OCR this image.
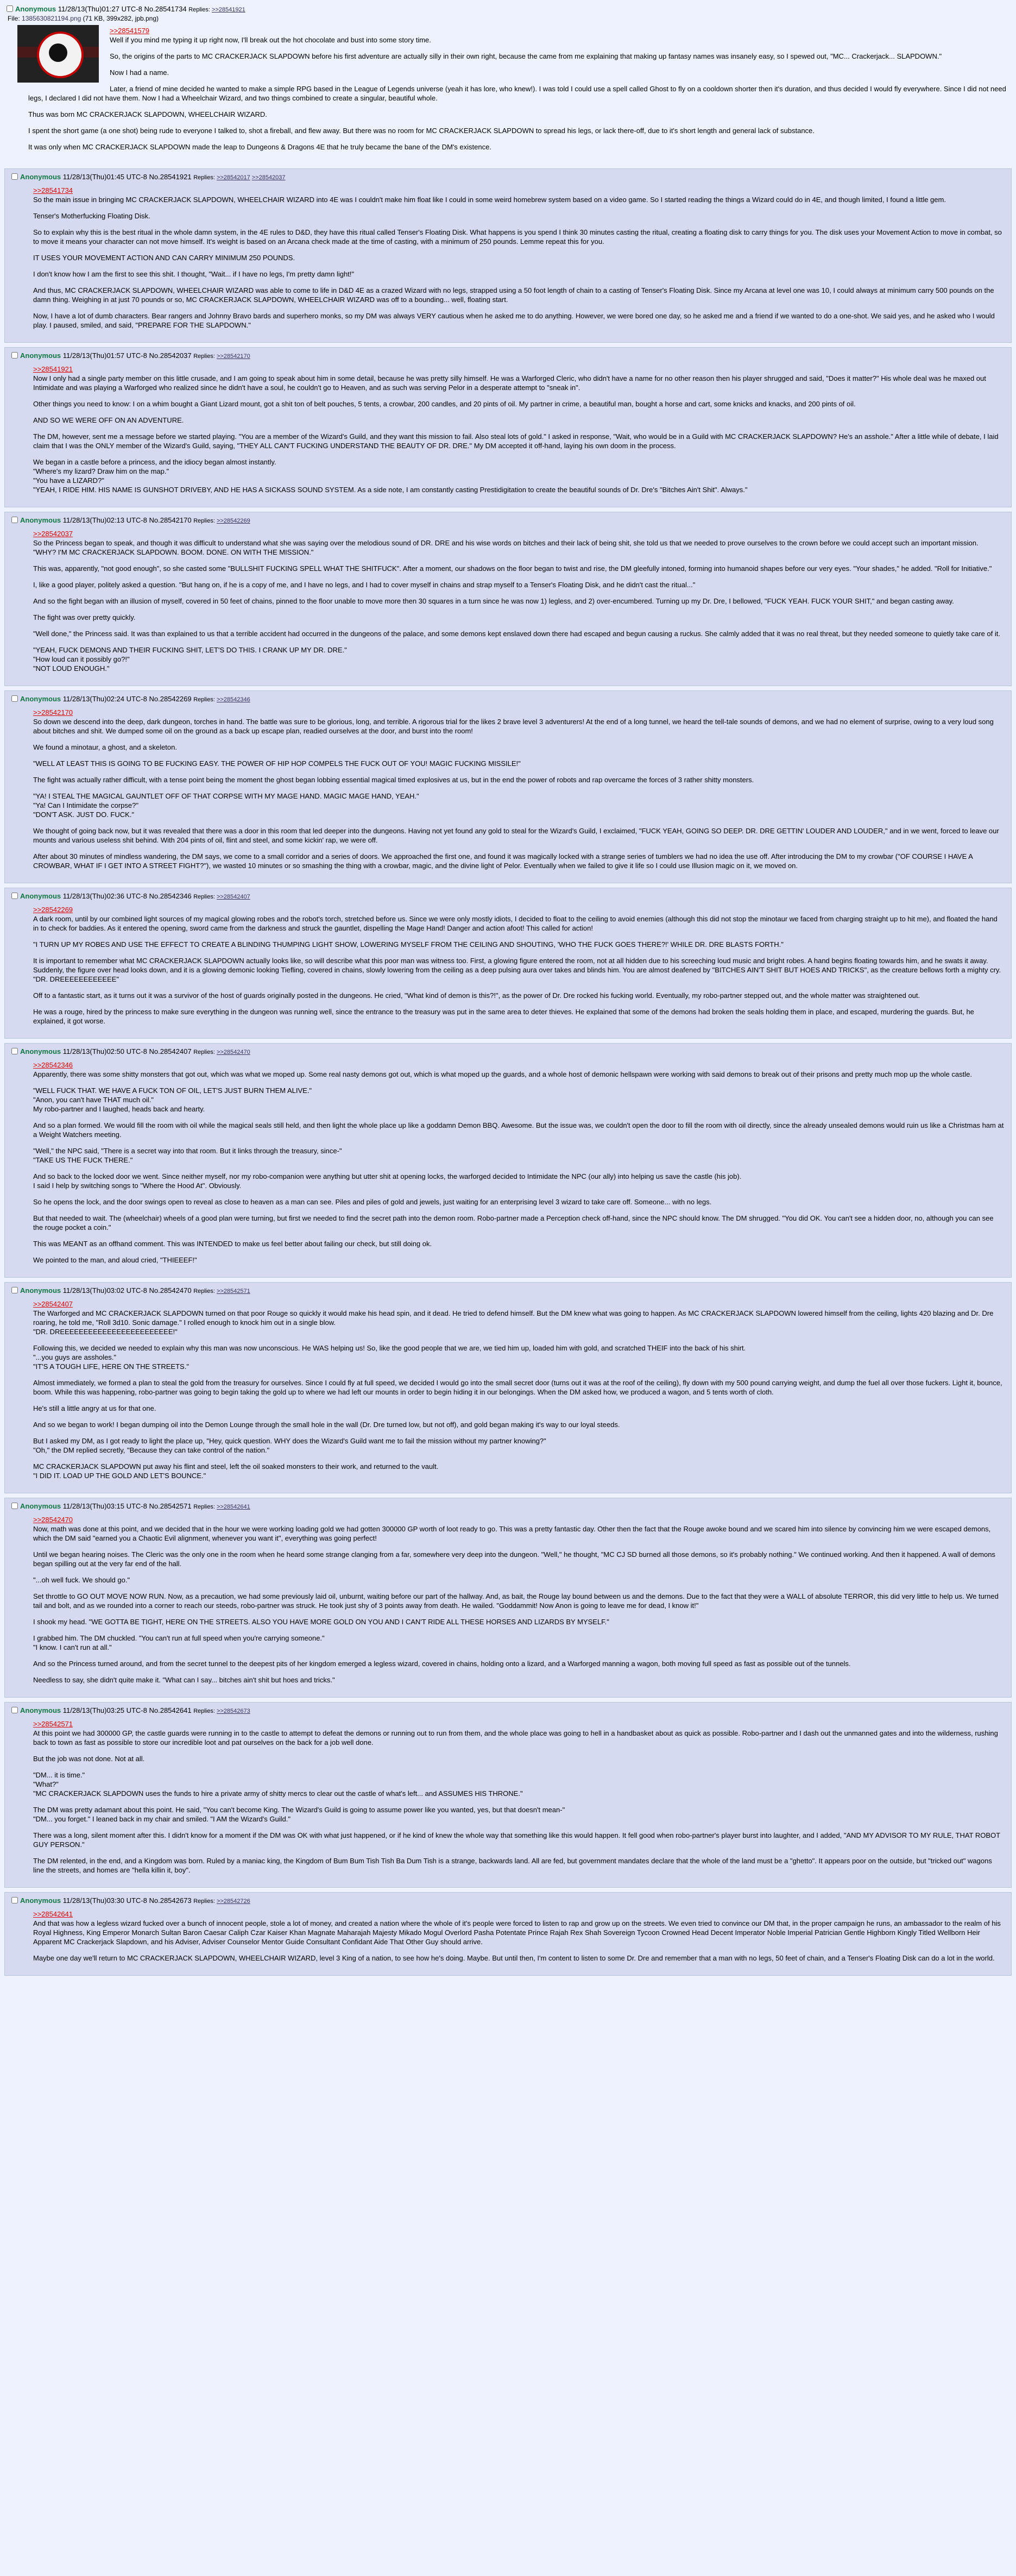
Anonymous 11/28/13(Thu)01:27 UTC-8 No.28541734 Replies: >>28541921
File: 1385630821194.png (71 KB, 399x282, jpb.png)

>>28541579

Well if you mind me typing it up right now, I'll break out the hot chocolate and bust into some story time.

So, the origins of the parts to MC CRACKERJACK SLAPDOWN before his first adventure are actually silly in their own right, because the came from me explaining that making up fantasy names was insanely easy, so I spewed out, "MC... Crackerjack... SLAPDOWN."

Now I had a name.

Later, a friend of mine decided he wanted to make a simple RPG based in the League of Legends universe (yeah it has lore, who knew!). I was told I could use a spell called Ghost to fly on a cooldown shorter then it's duration, and thus decided I would fly everywhere. Since I did not need legs, I declared I did not have them. Now I had a Wheelchair Wizard, and two things combined to create a singular, beautiful whole.

Thus was born MC CRACKERJACK SLAPDOWN, WHEELCHAIR WIZARD.

I spent the short game (a one shot) being rude to everyone I talked to, shot a fireball, and flew away. But there was no room for MC CRACKERJACK SLAPDOWN to spread his legs, or lack there-off, due to it's short length and general lack of substance.

It was only when MC CRACKERJACK SLAPDOWN made the leap to Dungeons & Dragons 4E that he truly became the bane of the DM's existence.

Anonymous 11/28/13(Thu)01:45 UTC-8 No.28541921 Replies: >>28542017 >>28542037

>>28541734

So the main issue in bringing MC CRACKERJACK SLAPDOWN, WHEELCHAIR WIZARD into 4E was I couldn't make him float like I could in some weird homebrew system based on a video game. So I started reading the things a Wizard could do in 4E, and though limited, I found a little gem.

Tenser's Motherfucking Floating Disk.

So to explain why this is the best ritual in the whole damn system, in the 4E rules to D&D, they have this ritual called Tenser's Floating Disk. What happens is you spend I think 30 minutes casting the ritual, creating a floating disk to carry things for you. The disk uses your Movement Action to move in combat, so to move it means your character can not move himself. It's weight is based on an Arcana check made at the time of casting, with a minimum of 250 pounds. Lemme repeat this for you.

IT USES YOUR MOVEMENT ACTION AND CAN CARRY MINIMUM 250 POUNDS.

I don't know how I am the first to see this shit. I thought, "Wait... if I have no legs, I'm pretty damn light!"

And thus, MC CRACKERJACK SLAPDOWN, WHEELCHAIR WIZARD was able to come to life in D&D 4E as a crazed Wizard with no legs, strapped using a 50 foot length of chain to a casting of Tenser's Floating Disk. Since my Arcana at level one was 10, I could always at minimum carry 500 pounds on the damn thing. Weighing in at just 70 pounds or so, MC CRACKERJACK SLAPDOWN, WHEELCHAIR WIZARD was off to a bounding... well, floating start.

Now, I have a lot of dumb characters. Bear rangers and Johnny Bravo bards and superhero monks, so my DM was always VERY cautious when he asked me to do anything. However, we were bored one day, so he asked me and a friend if we wanted to do a one-shot. We said yes, and he asked who I would play. I paused, smiled, and said, "PREPARE FOR THE SLAPDOWN."

Anonymous 11/28/13(Thu)01:57 UTC-8 No.28542037 Replies: >>28542170

>>28541921

Now I only had a single party member on this little crusade, and I am going to speak about him in some detail, because he was pretty silly himself. He was a Warforged Cleric, who didn't have a name for no other reason then his player shrugged and said, "Does it matter?" His whole deal was he maxed out Intimidate and was playing a Warforged who realized since he didn't have a soul, he couldn't go to Heaven, and as such was serving Pelor in a desperate attempt to "sneak in".

Other things you need to know: I on a whim bought a Giant Lizard mount, got a shit ton of belt pouches, 5 tents, a crowbar, 200 candles, and 20 pints of oil. My partner in crime, a beautiful man, bought a horse and cart, some knicks and knacks, and 200 pints of oil.

AND SO WE WERE OFF ON AN ADVENTURE.

The DM, however, sent me a message before we started playing. "You are a member of the Wizard's Guild, and they want this mission to fail. Also steal lots of gold." I asked in response, "Wait, who would be in a Guild with MC CRACKERJACK SLAPDOWN? He's an asshole." After a little while of debate, I laid claim that I was the ONLY member of the Wizard's Guild, saying, "THEY ALL CAN'T FUCKING UNDERSTAND THE BEAUTY OF DR. DRE." My DM accepted it off-hand, laying his own doom in the process.

We began in a castle before a princess, and the idiocy began almost instantly.
"Where's my lizard? Draw him on the map."
"You have a LIZARD?"
"YEAH, I RIDE HIM. HIS NAME IS GUNSHOT DRIVEBY, AND HE HAS A SICKASS SOUND SYSTEM. As a side note, I am constantly casting Prestidigitation to create the beautiful sounds of Dr. Dre's "Bitches Ain't Shit". Always."

Anonymous 11/28/13(Thu)02:13 UTC-8 No.28542170 Replies: >>28542269

>>28542037

So the Princess began to speak, and though it was difficult to understand what she was saying over the melodious sound of DR. DRE and his wise words on bitches and their lack of being shit, she told us that we needed to prove ourselves to the crown before we could accept such an important mission.
"WHY? I'M MC CRACKERJACK SLAPDOWN. BOOM. DONE. ON WITH THE MISSION."

This was, apparently, "not good enough", so she casted some "BULLSHIT FUCKING SPELL WHAT THE SHITFUCK". After a moment, our shadows on the floor began to twist and rise, the DM gleefully intoned, forming into humanoid shapes before our very eyes. "Your shades," he added. "Roll for Initiative."

I, like a good player, politely asked a question. "But hang on, if he is a copy of me, and I have no legs, and I had to cover myself in chains and strap myself to a Tenser's Floating Disk, and he didn't cast the ritual..."

And so the fight began with an illusion of myself, covered in 50 feet of chains, pinned to the floor unable to move more then 30 squares in a turn since he was now 1) legless, and 2) over-encumbered. Turning up my Dr. Dre, I bellowed, "FUCK YEAH. FUCK YOUR SHIT," and began casting away.

The fight was over pretty quickly.

"Well done," the Princess said. It was than explained to us that a terrible accident had occurred in the dungeons of the palace, and some demons kept enslaved down there had escaped and begun causing a ruckus. She calmly added that it was no real threat, but they needed someone to quietly take care of it.

"YEAH, FUCK DEMONS AND THEIR FUCKING SHIT, LET'S DO THIS. I CRANK UP MY DR. DRE."
"How loud can it possibly go?!"
"NOT LOUD ENOUGH."

Anonymous 11/28/13(Thu)02:24 UTC-8 No.28542269 Replies: >>28542346

>>28542170

So down we descend into the deep, dark dungeon, torches in hand. The battle was sure to be glorious, long, and terrible. A rigorous trial for the likes 2 brave level 3 adventurers! At the end of a long tunnel, we heard the tell-tale sounds of demons, and we had no element of surprise, owing to a very loud song about bitches and shit. We dumped some oil on the ground as a back up escape plan, readied ourselves at the door, and burst into the room!

We found a minotaur, a ghost, and a skeleton.

"WELL AT LEAST THIS IS GOING TO BE FUCKING EASY. THE POWER OF HIP HOP COMPELS THE FUCK OUT OF YOU! MAGIC FUCKING MISSILE!"

The fight was actually rather difficult, with a tense point being the moment the ghost began lobbing essential magical timed explosives at us, but in the end the power of robots and rap overcame the forces of 3 rather shitty monsters.

"YA! I STEAL THE MAGICAL GAUNTLET OFF OF THAT CORPSE WITH MY MAGE HAND. MAGIC MAGE HAND, YEAH."
"Ya! Can I Intimidate the corpse?"
"DON'T ASK. JUST DO. FUCK."

We thought of going back now, but it was revealed that there was a door in this room that led deeper into the dungeons. Having not yet found any gold to steal for the Wizard's Guild, I exclaimed, "FUCK YEAH, GOING SO DEEP. DR. DRE GETTIN' LOUDER AND LOUDER," and in we went, forced to leave our mounts and various useless shit behind. With 204 pints of oil, flint and steel, and some kickin' rap, we were off.

After about 30 minutes of mindless wandering, the DM says, we come to a small corridor and a series of doors. We approached the first one, and found it was magically locked with a strange series of tumblers we had no idea the use off. After introducing the DM to my crowbar ("OF COURSE I HAVE A CROWBAR, WHAT IF I GET INTO A STREET FIGHT?"), we wasted 10 minutes or so smashing the thing with a crowbar, magic, and the divine light of Pelor. Eventually when we failed to give it life so I could use Illusion magic on it, we moved on.

Anonymous 11/28/13(Thu)02:36 UTC-8 No.28542346 Replies: >>28542407

>>28542269

A dark room, until by our combined light sources of my magical glowing robes and the robot's torch, stretched before us. Since we were only mostly idiots, I decided to float to the ceiling to avoid enemies (although this did not stop the minotaur we faced from charging straight up to hit me), and floated the hand in to check for baddies. As it entered the opening, sword came from the darkness and struck the gauntlet, dispelling the Mage Hand! Danger and action afoot! This called for action!

"I TURN UP MY ROBES AND USE THE EFFECT TO CREATE A BLINDING THUMPING LIGHT SHOW, LOWERING MYSELF FROM THE CEILING AND SHOUTING, 'WHO THE FUCK GOES THERE?!' WHILE DR. DRE BLASTS FORTH."

It is important to remember what MC CRACKERJACK SLAPDOWN actually looks like, so will describe what this poor man was witness too. First, a glowing figure entered the room, not at all hidden due to his screeching loud music and bright robes. A hand begins floating towards him, and he swats it away. Suddenly, the figure over head looks down, and it is a glowing demonic looking Tiefling, covered in chains, slowly lowering from the ceiling as a deep pulsing aura over takes and blinds him. You are almost deafened by "BITCHES AIN'T SHIT BUT HOES AND TRICKS", as the creature bellows forth a mighty cry.
"DR. DREEEEEEEEEEEE"

Off to a fantastic start, as it turns out it was a survivor of the host of guards originally posted in the dungeons. He cried, "What kind of demon is this?!", as the power of Dr. Dre rocked his fucking world. Eventually, my robo-partner stepped out, and the whole matter was straightened out.

He was a rouge, hired by the princess to make sure everything in the dungeon was running well, since the entrance to the treasury was put in the same area to deter thieves. He explained that some of the demons had broken the seals holding them in place, and escaped, murdering the guards. But, he explained, it got worse.

Anonymous 11/28/13(Thu)02:50 UTC-8 No.28542407 Replies: >>28542470

>>28542346

Apparently, there was some shitty monsters that got out, which was what we moped up. Some real nasty demons got out, which is what moped up the guards, and a whole host of demonic hellspawn were working with said demons to break out of their prisons and pretty much mop up the whole castle.

"WELL FUCK THAT. WE HAVE A FUCK TON OF OIL, LET'S JUST BURN THEM ALIVE."
"Anon, you can't have THAT much oil."
My robo-partner and I laughed, heads back and hearty.

And so a plan formed. We would fill the room with oil while the magical seals still held, and then light the whole place up like a goddamn Demon BBQ. Awesome. But the issue was, we couldn't open the door to fill the room with oil directly, since the already unsealed demons would ruin us like a Christmas ham at a Weight Watchers meeting.

"Well," the NPC said, "There is a secret way into that room. But it links through the treasury, since-"
"TAKE US THE FUCK THERE."

And so back to the locked door we went. Since neither myself, nor my robo-companion were anything but utter shit at opening locks, the warforged decided to Intimidate the NPC (our ally) into helping us save the castle (his job).
I said I help by switching songs to "Where the Hood At". Obviously.

So he opens the lock, and the door swings open to reveal as close to heaven as a man can see. Piles and piles of gold and jewels, just waiting for an enterprising level 3 wizard to take care off. Someone... with no legs.

But that needed to wait. The (wheelchair) wheels of a good plan were turning, but first we needed to find the secret path into the demon room. Robo-partner made a Perception check off-hand, since the NPC should know. The DM shrugged. "You did OK. You can't see a hidden door, no, although you can see the rouge pocket a coin."

This was MEANT as an offhand comment. This was INTENDED to make us feel better about failing our check, but still doing ok.

We pointed to the man, and aloud cried, "THIEEEF!"

Anonymous 11/28/13(Thu)03:02 UTC-8 No.28542470 Replies: >>28542571

>>28542407

The Warforged and MC CRACKERJACK SLAPDOWN turned on that poor Rouge so quickly it would make his head spin, and it dead. He tried to defend himself. But the DM knew what was going to happen. As MC CRACKERJACK SLAPDOWN lowered himself from the ceiling, lights 420 blazing and Dr. Dre roaring, he told me, "Roll 3d10. Sonic damage." I rolled enough to knock him out in a single blow.
"DR. DREEEEEEEEEEEEEEEEEEEEEEEE!"

Following this, we decided we needed to explain why this man was now unconscious. He WAS helping us! So, like the good people that we are, we tied him up, loaded him with gold, and scratched THEIF into the back of his shirt.
"...you guys are assholes."
"IT'S A TOUGH LIFE, HERE ON THE STREETS."

Almost immediately, we formed a plan to steal the gold from the treasury for ourselves. Since I could fly at full speed, we decided I would go into the small secret door (turns out it was at the roof of the ceiling), fly down with my 500 pound carrying weight, and dump the fuel all over those fuckers. Light it, bounce, boom. While this was happening, robo-partner was going to begin taking the gold up to where we had left our mounts in order to begin hiding it in our belongings. When the DM asked how, we produced a wagon, and 5 tents worth of cloth.

He's still a little angry at us for that one.

And so we began to work! I began dumping oil into the Demon Lounge through the small hole in the wall (Dr. Dre turned low, but not off), and gold began making it's way to our loyal steeds.

But I asked my DM, as I got ready to light the place up, "Hey, quick question. WHY does the Wizard's Guild want me to fail the mission without my partner knowing?"
"Oh," the DM replied secretly, "Because they can take control of the nation."

MC CRACKERJACK SLAPDOWN put away his flint and steel, left the oil soaked monsters to their work, and returned to the vault.
"I DID IT. LOAD UP THE GOLD AND LET'S BOUNCE."

Anonymous 11/28/13(Thu)03:15 UTC-8 No.28542571 Replies: >>28542641

>>28542470

Now, math was done at this point, and we decided that in the hour we were working loading gold we had gotten 300000 GP worth of loot ready to go. This was a pretty fantastic day. Other then the fact that the Rouge awoke bound and we scared him into silence by convincing him we were escaped demons, which the DM said "earned you a Chaotic Evil alignment, whenever you want it", everything was going perfect!

Until we began hearing noises. The Cleric was the only one in the room when he heard some strange clanging from a far, somewhere very deep into the dungeon. "Well," he thought, "MC CJ SD burned all those demons, so it's probably nothing." We continued working. And then it happened. A wall of demons began spilling out at the very far end of the hall.

"...oh well fuck. We should go."

Set throttle to GO OUT MOVE NOW RUN. Now, as a precaution, we had some previously laid oil, unburnt, waiting before our part of the hallway. And, as bait, the Rouge lay bound between us and the demons. Due to the fact that they were a WALL of absolute TERROR, this did very little to help us. We turned tail and bolt, and as we rounded into a corner to reach our steeds, robo-partner was struck. He took just shy of 3 points away from death. He wailed. "Goddammit! Now Anon is going to leave me for dead, I know it!"

I shook my head. "WE GOTTA BE TIGHT, HERE ON THE STREETS. ALSO YOU HAVE MORE GOLD ON YOU AND I CAN'T RIDE ALL THESE HORSES AND LIZARDS BY MYSELF."

I grabbed him. The DM chuckled. "You can't run at full speed when you're carrying someone."
"I know. I can't run at all."

And so the Princess turned around, and from the secret tunnel to the deepest pits of her kingdom emerged a legless wizard, covered in chains, holding onto a lizard, and a Warforged manning a wagon, both moving full speed as fast as possible out of the tunnels.

Needless to say, she didn't quite make it. "What can I say... bitches ain't shit but hoes and tricks."

Anonymous 11/28/13(Thu)03:25 UTC-8 No.28542641 Replies: >>28542673

>>28542571

At this point we had 300000 GP, the castle guards were running in to the castle to attempt to defeat the demons or running out to run from them, and the whole place was going to hell in a handbasket about as quick as possible. Robo-partner and I dash out the unmanned gates and into the wilderness, rushing back to town as fast as possible to store our incredible loot and pat ourselves on the back for a job well done.

But the job was not done. Not at all.

"DM... it is time."
"What?"
"MC CRACKERJACK SLAPDOWN uses the funds to hire a private army of shitty mercs to clear out the castle of what's left... and ASSUMES HIS THRONE."

The DM was pretty adamant about this point. He said, "You can't become King. The Wizard's Guild is going to assume power like you wanted, yes, but that doesn't mean-"
"DM... you forget." I leaned back in my chair and smiled. "I AM the Wizard's Guild."

There was a long, silent moment after this. I didn't know for a moment if the DM was OK with what just happened, or if he kind of knew the whole way that something like this would happen. It fell good when robo-partner's player burst into laughter, and I added, "AND MY ADVISOR TO MY RULE, THAT ROBOT GUY PERSON."

The DM relented, in the end, and a Kingdom was born. Ruled by a maniac king, the Kingdom of Bum Bum Tish Tish Ba Dum Tish is a strange, backwards land. All are fed, but government mandates declare that the whole of the land must be a "ghetto". It appears poor on the outside, but "tricked out" wagons line the streets, and homes are "hella killin it, boy".

Anonymous 11/28/13(Thu)03:30 UTC-8 No.28542673 Replies: >>28542726

>>28542641

And that was how a legless wizard fucked over a bunch of innocent people, stole a lot of money, and created a nation where the whole of it's people were forced to listen to rap and grow up on the streets. We even tried to convince our DM that, in the proper campaign he runs, an ambassador to the realm of his Royal Highness, King Emperor Monarch Sultan Baron Caesar Caliph Czar Kaiser Khan Magnate Maharajah Majesty Mikado Mogul Overlord Pasha Potentate Prince Rajah Rex Shah Sovereign Tycoon Crowned Head Decent Imperator Noble Imperial Patrician Gentle Highborn Kingly Titled Wellborn Heir Apparent MC Crackerjack Slapdown, and his Adviser, Adviser Counselor Mentor Guide Consultant Confidant Aide That Other Guy should arrive.

Maybe one day we'll return to MC CRACKERJACK SLAPDOWN, WHEELCHAIR WIZARD, level 3 King of a nation, to see how he's doing. Maybe. But until then, I'm content to listen to some Dr. Dre and remember that a man with no legs, 50 feet of chain, and a Tenser's Floating Disk can do a lot in the world.
